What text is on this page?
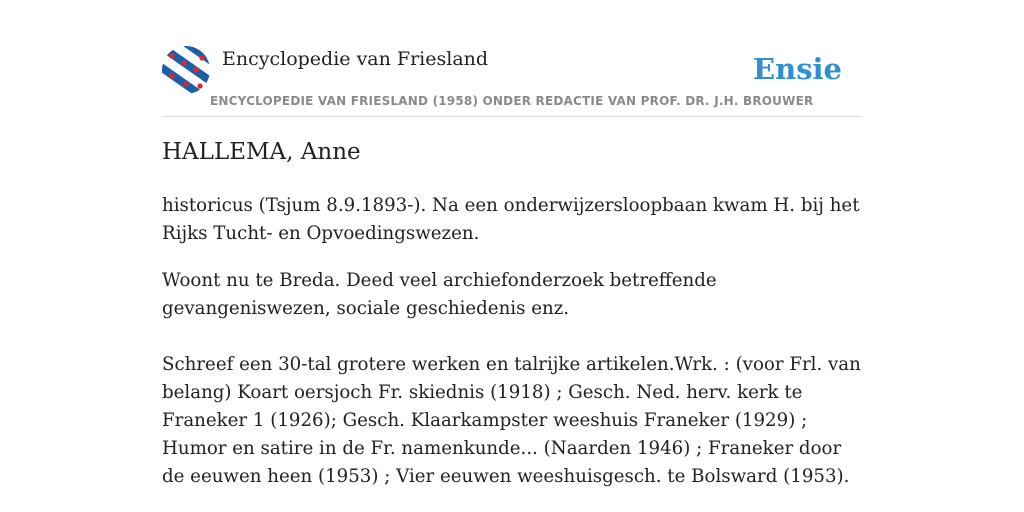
Encyclopedie van Friesland
ENCYCLOPEDIE VAN FRIESLAND (1958) ONDER REDACTIE VAN PROF. DR. J.H. BROUWER
Ensie
HALLEMA, Anne

historicus (Tsjum 8.9.1893-). Na een onderwijzersloopbaan kwam H. bij het Rijks Tucht- en Opvoedingswezen.

Woont nu te Breda. Deed veel archiefonderzoek betreffende gevangeniswezen, sociale geschiedenis enz.

Schreef een 30-tal grotere werken en talrijke artikelen.Wrk. : (voor Frl. van belang) Koart oersjoch Fr. skiednis (1918) ; Gesch. Ned. herv. kerk te Franeker 1 (1926); Gesch. Klaarkampster weeshuis Franeker (1929) ; Humor en satire in de Fr. namenkunde... (Naarden 1946) ; Franeker door de eeuwen heen (1953) ; Vier eeuwen weeshuisgesch. te Bolsward (1953).
